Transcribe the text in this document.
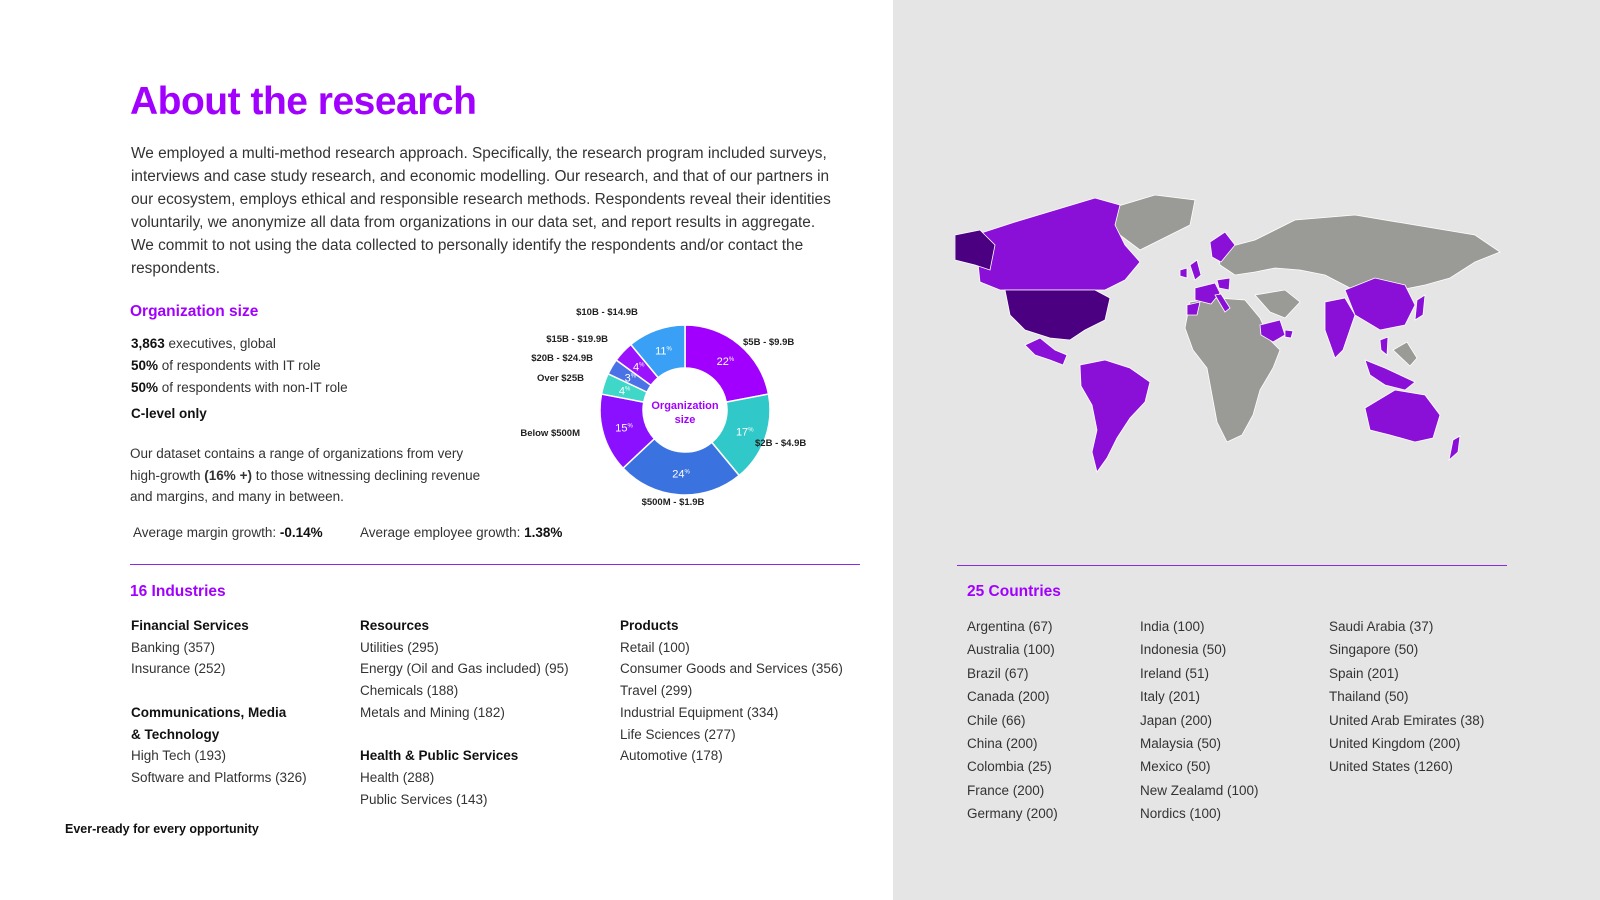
About the research

We employed a multi-method research approach. Specifically, the research program included surveys, interviews and case study research, and economic modelling. Our research, and that of our partners in our ecosystem, employs ethical and responsible research methods. Respondents reveal their identities voluntarily, we anonymize all data from organizations in our data set, and report results in aggregate. We commit to not using the data collected to personally identify the respondents and/or contact the respondents.

Organization size
3,863 executives, global
50% of respondents with IT role
50% of respondents with non-IT role
C-level only

Our dataset contains a range of organizations from very high-growth (16% +) to those witnessing declining revenue and margins, and many in between.

Average margin growth: -0.14%	Average employee growth: 1.38%
Organization
size
22%
$5B - $9.9B
17%
$2B - $4.9B
24%
$500M - $1.9B
15%
Below $500M
4%
Over $25B	3%
$20B - $24.9B
4%
$15B - $19.9B
11%
$10B - $14.9B
16 Industries
Financial Services
Banking (357)
Insurance (252)
Communications, Media
& Technology
High Tech (193)
Software and Platforms (326)
Resources
Utilities (295)
Energy (Oil and Gas included) (95)
Chemicals (188)
Metals and Mining (182)
Health & Public Services
Health (288)
Public Services (143)
Products
Retail (100)
Consumer Goods and Services (356)
Travel (299)
Industrial Equipment (334)
Life Sciences (277)
Automotive (178)
25 Countries
Argentina (67)
Australia (100)
Brazil (67)
Canada (200)
Chile (66)
China (200)
Colombia (25)
France (200)
Germany (200)
India (100)
Indonesia (50)
Ireland (51)
Italy (201)
Japan (200)
Malaysia (50)
Mexico (50)
New Zealamd (100)
Nordics (100)
Saudi Arabia (37)
Singapore (50)
Spain (201)
Thailand (50)
United Arab Emirates (38)
United Kingdom (200)
United States (1260)
Ever-ready for every opportunity
